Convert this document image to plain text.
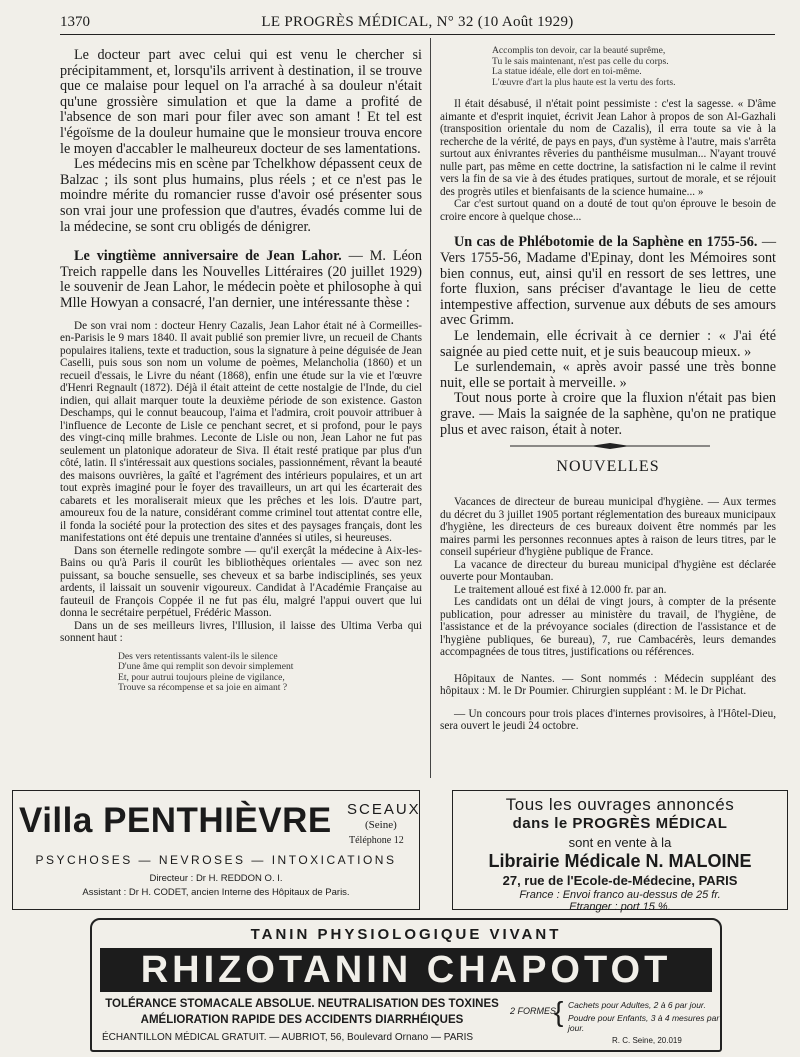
1370	LE PROGRÈS MÉDICAL, N° 32 (10 Août 1929)

Le docteur part avec celui qui est venu le chercher si précipitamment, et, lorsqu'ils arrivent à destination, il se trouve que ce malaise pour lequel on l'a arraché à sa douleur n'était qu'une grossière simulation et que la dame a profité de l'absence de son mari pour filer avec son amant ! Et tel est l'égoïsme de la douleur humaine que le monsieur trouva encore le moyen d'accabler le malheureux docteur de ses lamentations.

Les médecins mis en scène par Tchelkhow dépassent ceux de Balzac ; ils sont plus humains, plus réels ; et ce n'est pas le moindre mérite du romancier russe d'avoir osé présenter sous son vrai jour une profession que d'autres, évadés comme lui de la médecine, se sont cru obligés de dénigrer.

Le vingtième anniversaire de Jean Lahor. — M. Léon Treich rappelle dans les Nouvelles Littéraires (20 juillet 1929) le souvenir de Jean Lahor, le médecin poète et philosophe à qui Mlle Howyan a consacré, l'an dernier, une intéressante thèse :

De son vrai nom : docteur Henry Cazalis, Jean Lahor était né à Cormeilles-en-Parisis le 9 mars 1840. Il avait publié son premier livre, un recueil de Chants populaires italiens, texte et traduction, sous la signature à peine déguisée de Jean Caselli, puis sous son nom un volume de poèmes, Melancholia (1860) et un recueil d'essais, le Livre du néant (1868), enfin une étude sur la vie et l'œuvre d'Henri Regnault (1872). Déjà il était atteint de cette nostalgie de l'Inde, du ciel indien, qui allait marquer toute la deuxième période de son existence. Gaston Deschamps, qui le connut beaucoup, l'aima et l'admira, croit pouvoir attribuer à l'influence de Leconte de Lisle ce penchant secret, et si profond, pour le pays des vingt-cinq mille brahmes. Leconte de Lisle ou non, Jean Lahor ne fut pas seulement un platonique adorateur de Siva. Il était resté pratique par plus d'un côté, latin. Il s'intéressait aux questions sociales, passionnément, rêvant la beauté des maisons ouvrières, la gaîté et l'agrément des intérieurs populaires, et un art tout exprès imaginé pour le foyer des travailleurs, un art qui les écarterait des cabarets et les moraliserait mieux que les prêches et les lois. D'autre part, amoureux fou de la nature, considérant comme criminel tout attentat contre elle, il fonda la société pour la protection des sites et des paysages français, dont les manifestations ont été depuis une trentaine d'années si utiles, si heureuses.

Dans son éternelle redingote sombre — qu'il exerçât la médecine à Aix-les-Bains ou qu'à Paris il courût les bibliothèques orientales — avec son nez puissant, sa bouche sensuelle, ses cheveux et sa barbe indisciplinés, ses yeux ardents, il laissait un souvenir vigoureux. Candidat à l'Académie Française au fauteuil de François Coppée il ne fut pas élu, malgré l'appui ouvert que lui donna le secrétaire perpétuel, Frédéric Masson.

Dans un de ses meilleurs livres, l'Illusion, il laisse des Ultima Verba qui sonnent haut :

Des vers retentissants valent-ils le silence
D'une âme qui remplit son devoir simplement
Et, pour autrui toujours pleine de vigilance,
Trouve sa récompense et sa joie en aimant ?
Accomplis ton devoir, car la beauté suprême,
Tu le sais maintenant, n'est pas celle du corps.
La statue idéale, elle dort en toi-même.
L'œuvre d'art la plus haute est la vertu des forts.

Il était désabusé, il n'était point pessimiste : c'est la sagesse. « D'âme aimante et d'esprit inquiet, écrivit Jean Lahor à propos de son Al-Gazhali (transposition orientale du nom de Cazalis), il erra toute sa vie à la recherche de la vérité, de pays en pays, d'un système à l'autre, mais s'arrêta surtout aux énivrantes rêveries du panthéisme musulman... N'ayant trouvé nulle part, pas même en cette doctrine, la satisfaction ni le calme il revint vers la fin de sa vie à des études pratiques, surtout de morale, et se réjouit des progrès utiles et bienfaisants de la science humaine... »

Car c'est surtout quand on a douté de tout qu'on éprouve le besoin de croire encore à quelque chose...

Un cas de Phlébotomie de la Saphène en 1755-56. — Vers 1755-56, Madame d'Epinay, dont les Mémoires sont bien connus, eut, ainsi qu'il en ressort de ses lettres, une forte fluxion, sans préciser d'avantage le lieu de cette intempestive affection, survenue aux débuts de ses amours avec Grimm.

Le lendemain, elle écrivait à ce dernier : « J'ai été saignée au pied cette nuit, et je suis beaucoup mieux. »

Le surlendemain, « après avoir passé une très bonne nuit, elle se portait à merveille. »

Tout nous porte à croire que la fluxion n'était pas bien grave. — Mais la saignée de la saphène, qu'on ne pratique plus et avec raison, était à noter.

NOUVELLES

Vacances de directeur de bureau municipal d'hygiène. — Aux termes du décret du 3 juillet 1905 portant réglementation des bureaux municipaux d'hygiène, les directeurs de ces bureaux doivent être nommés par les maires parmi les personnes reconnues aptes à raison de leurs titres, par le conseil supérieur d'hygiène publique de France.

La vacance de directeur du bureau municipal d'hygiène est déclarée ouverte pour Montauban.

Le traitement alloué est fixé à 12.000 fr. par an.

Les candidats ont un délai de vingt jours, à compter de la présente publication, pour adresser au ministère du travail, de l'hygiène, de l'assistance et de la prévoyance sociales (direction de l'assistance et de l'hygiène publiques, 6e bureau), 7, rue Cambacérès, leurs demandes accompagnées de tous titres, justifications ou références.

Hôpitaux de Nantes. — Sont nommés : Médecin suppléant des hôpitaux : M. le Dr Poumier. Chirurgien suppléant : M. le Dr Pichat.

— Un concours pour trois places d'internes provisoires, à l'Hôtel-Dieu, sera ouvert le jeudi 24 octobre.

Villa PENTHIÈVRE SCEAUX
(Seine)
Téléphone 12
PSYCHOSES — NEVROSES — INTOXICATIONS
Directeur : Dr H. REDDON O. I.
Assistant : Dr H. CODET, ancien Interne des Hôpitaux de Paris.
Tous les ouvrages annoncés
dans le PROGRÈS MÉDICAL
sont en vente à la
Librairie Médicale N. MALOINE
27, rue de l'Ecole-de-Médecine, PARIS
France : Envoi franco au-dessus de 25 fr.
Etranger : port 15 %.
TANIN PHYSIOLOGIQUE VIVANT
RHIZOTANIN CHAPOTOT
TOLÉRANCE STOMACALE ABSOLUE. NEUTRALISATION DES TOXINES
AMÉLIORATION RAPIDE DES ACCIDENTS DIARRHÉIQUES
2 FORMES
{ Cachets pour Adultes, 2 à 6 par jour.
Poudre pour Enfants, 3 à 4 mesures par jour.
ÉCHANTILLON MÉDICAL GRATUIT. — AUBRIOT, 56, Boulevard Ornano — PARIS	R. C. Seine, 20.019
